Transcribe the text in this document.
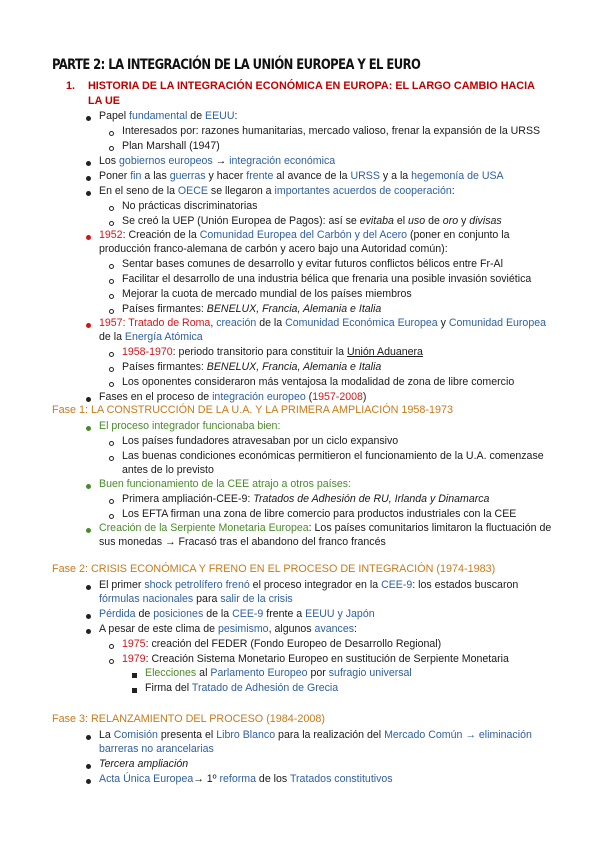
PARTE 2: LA INTEGRACIÓN DE LA UNIÓN EUROPEA Y EL EURO
1. HISTORIA DE LA INTEGRACIÓN ECONÓMICA EN EUROPA: EL LARGO CAMBIO HACIA LA UE
Papel fundamental de EEUU:
Interesados por: razones humanitarias, mercado valioso, frenar la expansión de la URSS
Plan Marshall (1947)
Los gobiernos europeos → integración económica
Poner fin a las guerras y hacer frente al avance de la URSS y a la hegemonía de USA
En el seno de la OECE se llegaron a importantes acuerdos de cooperación:
No prácticas discriminatorias
Se creó la UEP (Unión Europea de Pagos): así se evitaba el uso de oro y divisas
1952: Creación de la Comunidad Europea del Carbón y del Acero (poner en conjunto la
producción franco-alemana de carbón y acero bajo una Autoridad común):
Sentar bases comunes de desarrollo y evitar futuros conflictos bélicos entre Fr-Al
Facilitar el desarrollo de una industria bélica que frenaria una posible invasión soviética
Mejorar la cuota de mercado mundial de los países miembros
Países firmantes: BENELUX, Francia, Alemania e Italia
1957: Tratado de Roma, creación de la Comunidad Económica Europea y Comunidad Europea
de la Energía Atómica
1958-1970: periodo transitorio para constituir la Unión Aduanera
Países firmantes: BENELUX, Francia, Alemania e Italia
Los oponentes consideraron más ventajosa la modalidad de zona de libre comercio
Fases en el proceso de integración europeo (1957-2008)
Fase 1: LA CONSTRUCCIÓN DE LA U.A. Y LA PRIMERA AMPLIACIÓN 1958-1973
El proceso integrador funcionaba bien:
Los países fundadores atravesaban por un ciclo expansivo
Las buenas condiciones económicas permitieron el funcionamiento de la U.A. comenzase
antes de lo previsto
Buen funcionamiento de la CEE atrajo a otros países:
Primera ampliación-CEE-9: Tratados de Adhesión de RU, Irlanda y Dinamarca
Los EFTA firman una zona de libre comercio para productos industriales con la CEE
Creación de la Serpiente Monetaria Europea: Los países comunitarios limitaron la fluctuación de
sus monedas → Fracasó tras el abandono del franco francés
Fase 2: CRISIS ECONÓMICA Y FRENO EN EL PROCESO DE INTEGRACIÓN (1974-1983)
El primer shock petrolífero frenó el proceso integrador en la CEE-9: los estados buscaron
fórmulas nacionales para salir de la crisis
Pérdida de posiciones de la CEE-9 frente a EEUU y Japón
A pesar de este clima de pesimismo, algunos avances:
1975: creación del FEDER (Fondo Europeo de Desarrollo Regional)
1979: Creación Sistema Monetario Europeo en sustitución de Serpiente Monetaria
Elecciones al Parlamento Europeo por sufragio universal
Firma del Tratado de Adhesión de Grecia
Fase 3: RELANZAMIENTO DEL PROCESO (1984-2008)
La Comisión presenta el Libro Blanco para la realización del Mercado Común → eliminación
barreras no arancelarias
Tercera ampliación
Acta Única Europea→ 1º reforma de los Tratados constitutivos
